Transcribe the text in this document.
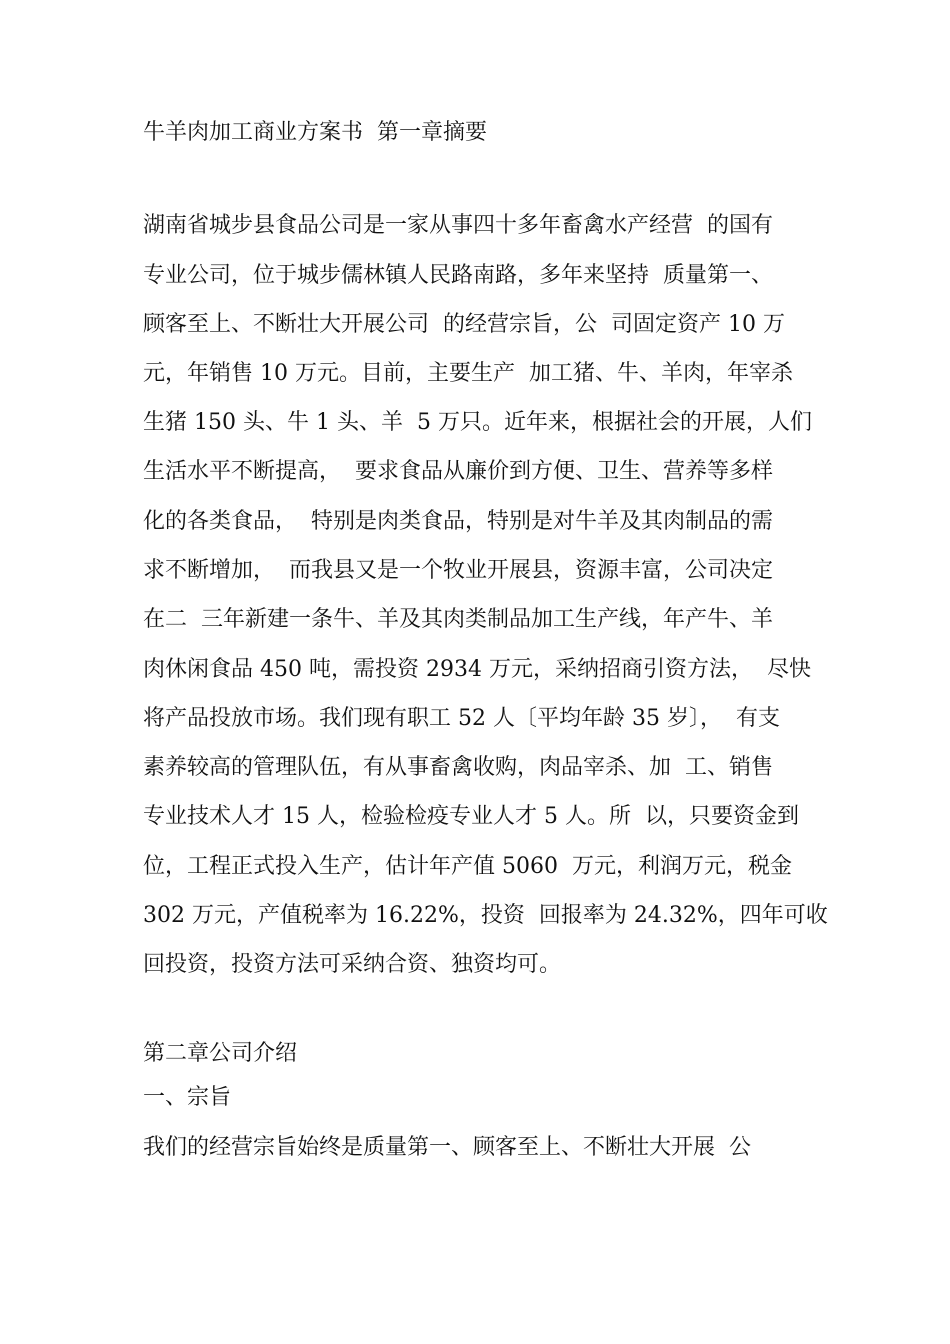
牛羊肉加工商业方案书  第一章摘要

湖南省城步县食品公司是一家从事四十多年畜禽水产经营  的国有

专业公司，位于城步儒林镇人民路南路，多年来坚持  质量第一、

顾客至上、不断壮大开展公司  的经营宗旨，公  司固定资产 10 万

元，年销售 10 万元。目前，主要生产  加工猪、牛、羊肉，年宰杀

生猪 150 头、牛 1 头、羊  5 万只。近年来，根据社会的开展，人们

生活水平不断提高，  要求食品从廉价到方便、卫生、营养等多样

化的各类食品，  特别是肉类食品，特别是对牛羊及其肉制品的需

求不断增加，  而我县又是一个牧业开展县，资源丰富，公司决定

在二  三年新建一条牛、羊及其肉类制品加工生产线，年产牛、羊

肉休闲食品 450 吨，需投资 2934 万元，采纳招商引资方法，  尽快

将产品投放市场。我们现有职工 52 人〔平均年龄 35 岁〕，  有支

素养较高的管理队伍，有从事畜禽收购，肉品宰杀、加  工、销售

专业技术人才 15 人，检验检疫专业人才 5 人。所  以，只要资金到

位，工程正式投入生产，估计年产值 5060  万元，利润万元，税金

302 万元，产值税率为 16.22%，投资  回报率为 24.32%，四年可收

回投资，投资方法可采纳合资、独资均可。

第二章公司介绍

一、宗旨

我们的经营宗旨始终是质量第一、顾客至上、不断壮大开展  公
